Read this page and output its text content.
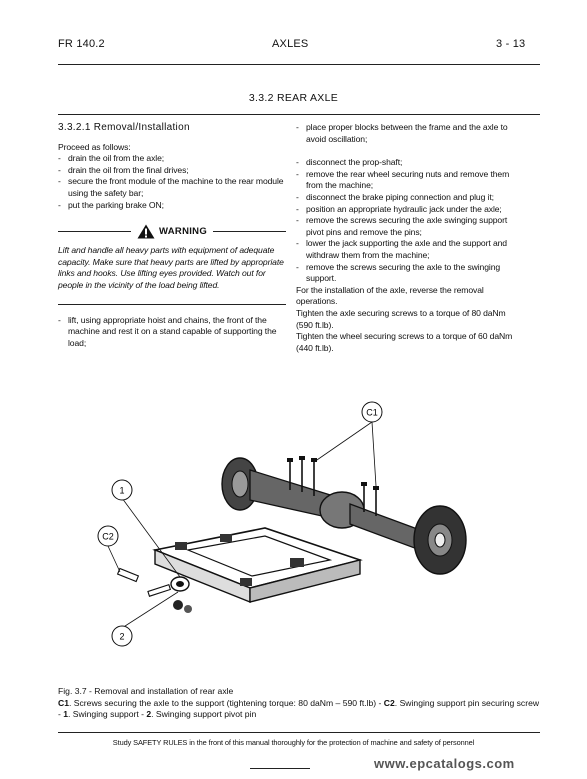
FR 140.2	AXLES	3 - 13
3.3.2 REAR AXLE

3.3.2.1 Removal/Installation

Proceed as follows:

- drain the oil from the axle;
- drain the oil from the final drives;
- secure the front module of the machine to the rear module using the safety bar;
- put the parking brake ON;
WARNING

Lift and handle all heavy parts with equipment of adequate capacity. Make sure that heavy parts are lifted by appropriate links and hooks. Use lifting eyes provided. Watch out for people in the vicinity of the load being lifted.

- lift, using appropriate hoist and chains, the front of the machine and rest it on a stand capable of supporting the load;
- place proper blocks between the frame and the axle to avoid oscillation;
- disconnect the prop-shaft;
- remove the rear wheel securing nuts and remove them from the machine;
- disconnect the brake piping connection and plug it;
- position an appropriate hydraulic jack under the axle;
- remove the screws securing the axle swinging support pivot pins and remove the pins;
- lower the jack supporting the axle and the support and withdraw them from the machine;
- remove the screws securing the axle to the swinging support.

For the installation of the axle, reverse the removal operations.

Tighten the axle securing screws to a torque of 80 daNm (590 ft.lb).

Tighten the wheel securing screws to a torque of 60 daNm (440 ft.lb).

C1
C2
1
2
Fig. 3.7 - Removal and installation of rear axle
C1. Screws securing the axle to the support (tightening torque: 80 daNm – 590 ft.lb) - C2. Swinging support pin securing screw - 1. Swinging support - 2. Swinging support pivot pin
Study SAFETY RULES in the front of this manual thoroughly for the protection of machine and safety of personnel
www.epcatalogs.com
